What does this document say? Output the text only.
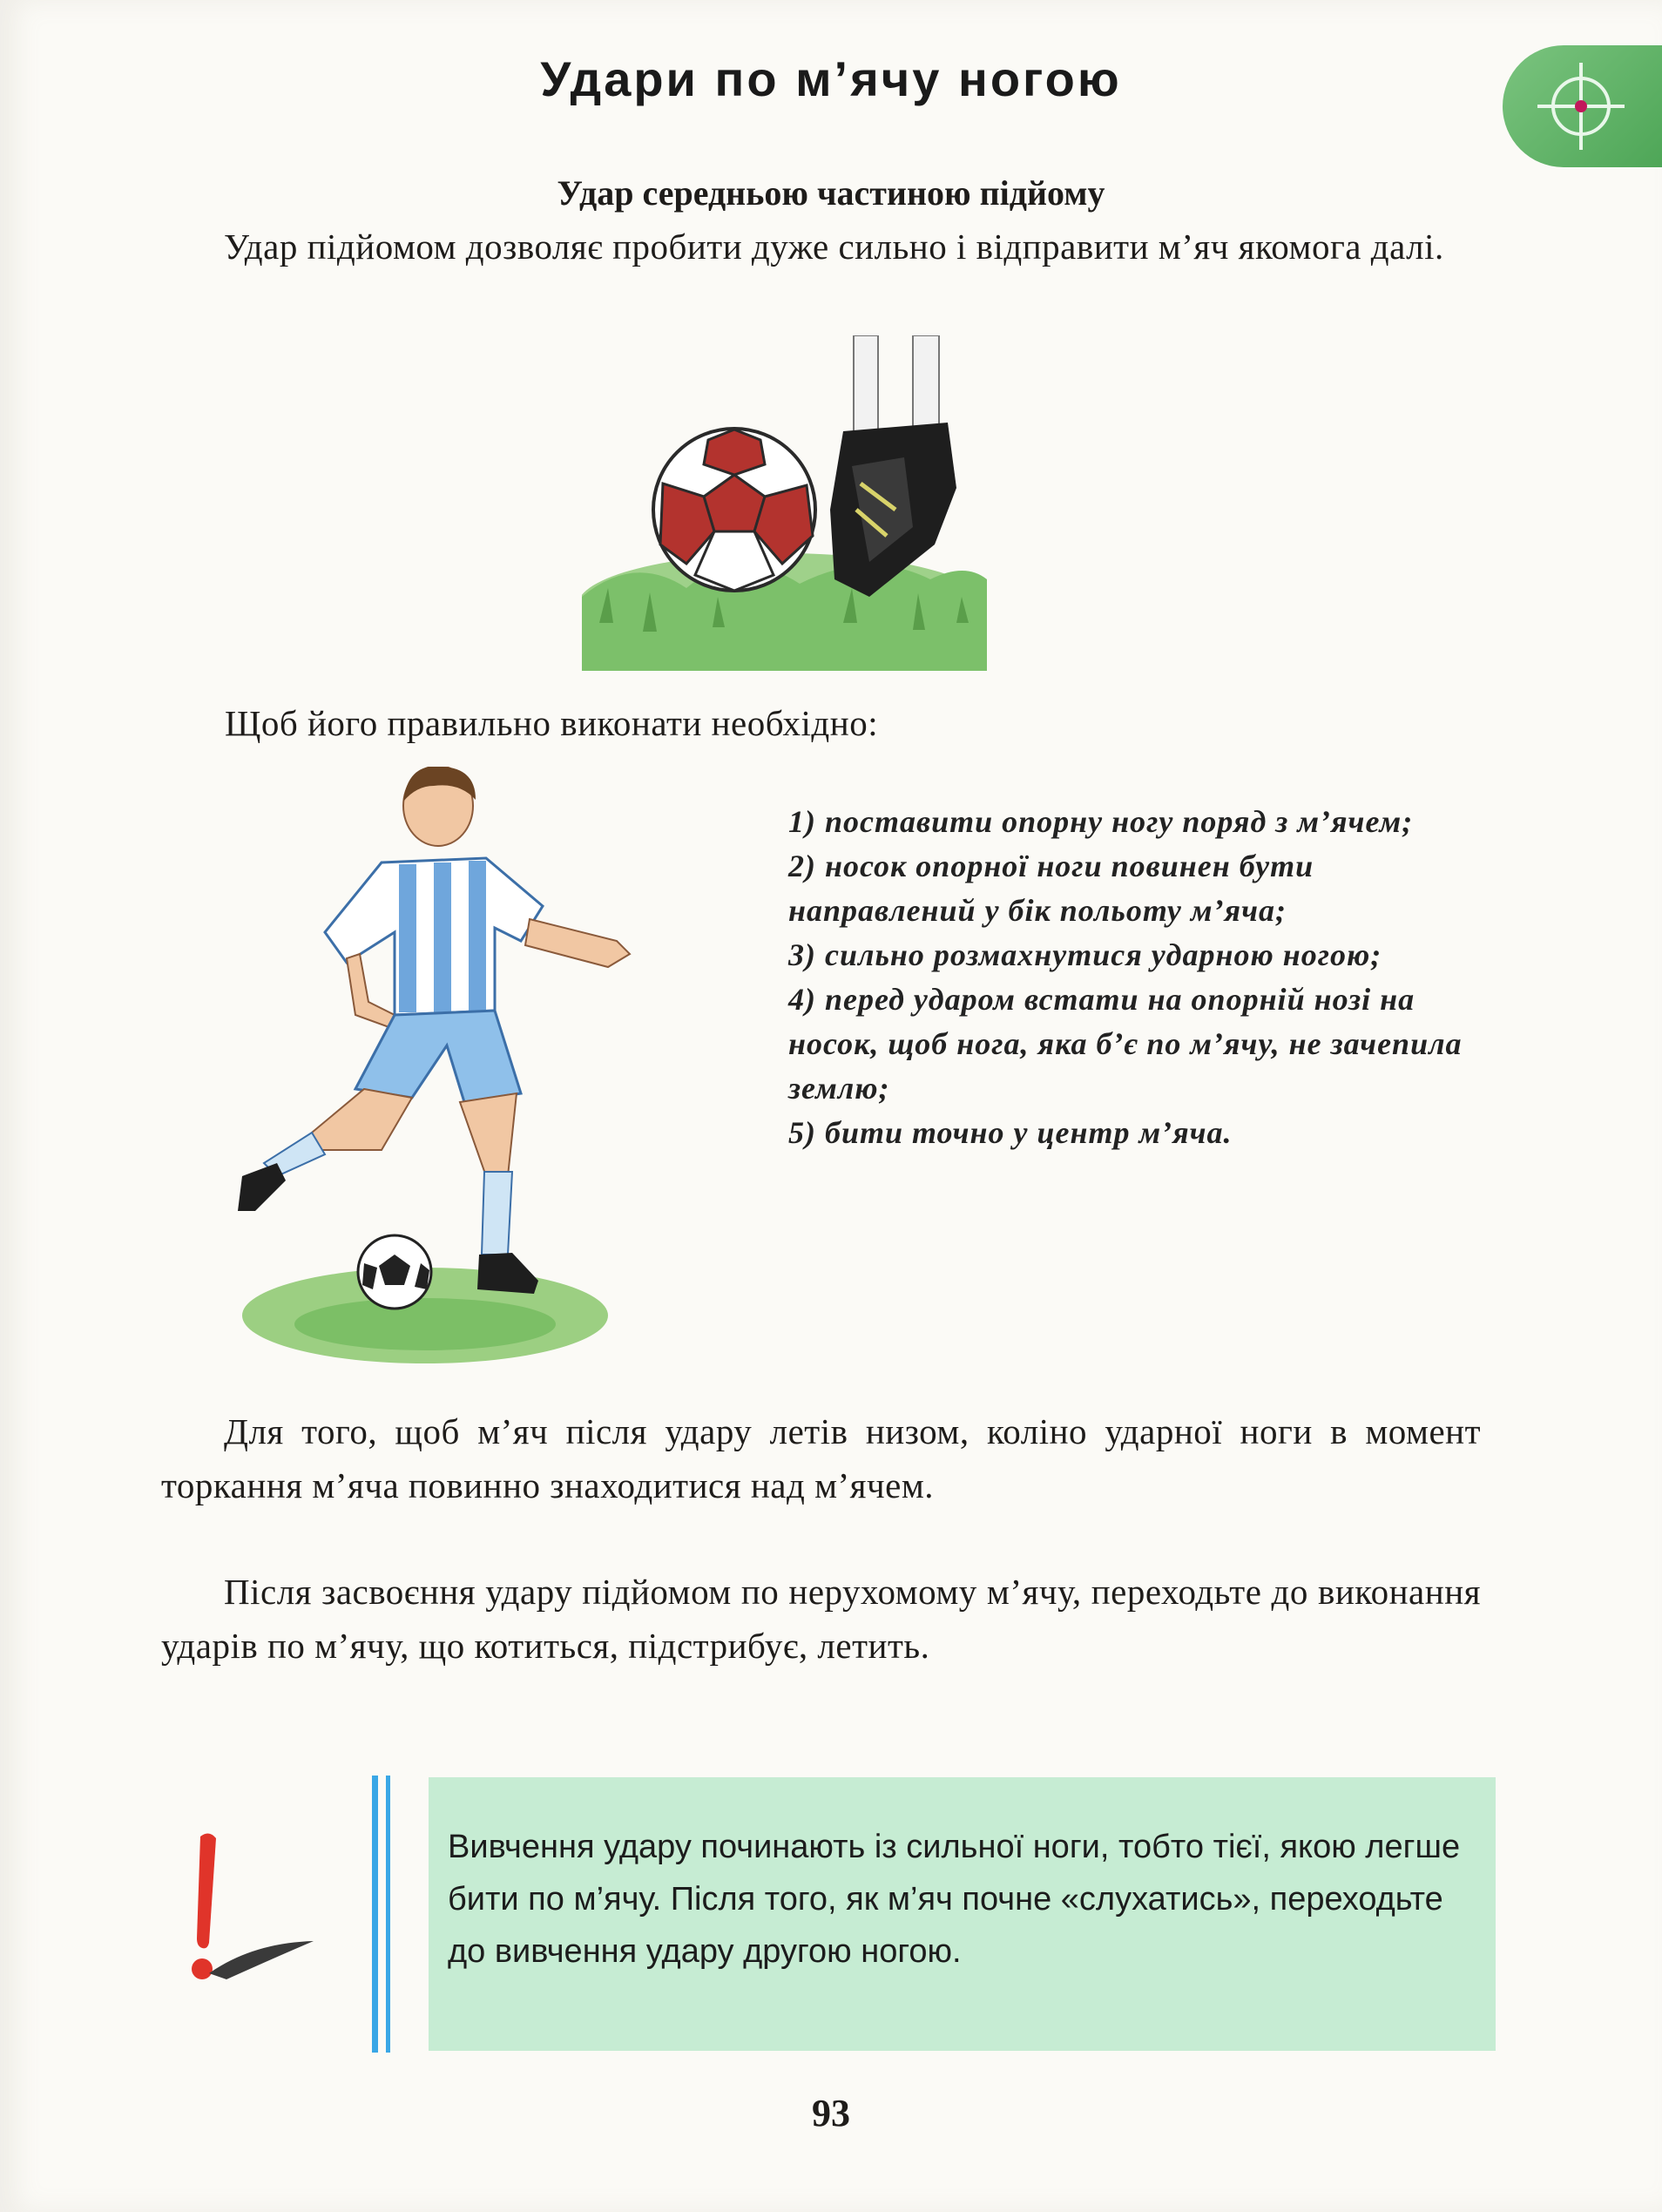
Удари по м’ячу ногою
Удар середньою частиною підйому
Удар підйомом дозволяє пробити дуже сильно і відправити м’яч якомога далі.
Щоб його правильно виконати необхідно:
1) поставити опорну ногу поряд з м’ячем;
2) носок опорної ноги повинен бути направлений у бік польоту м’яча;
3) сильно розмахнутися ударною ногою;
4) перед ударом встати на опорній нозі на носок, щоб нога, яка б’є по м’ячу, не зачепила землю;
5) бити точно у центр м’яча.
Для того, щоб м’яч після удару летів низом, коліно ударної ноги в момент торкання м’яча повинно знаходитися над м’ячем.
Після засвоєння удару підйомом по нерухомому м’ячу, переходьте до виконання ударів по м’ячу, що котиться, підстрибує, летить.
Вивчення удару починають із сильної ноги, тобто тієї, якою легше бити по м’ячу. Після того, як м’яч почне «слухатись», переходьте до вивчення удару другою ногою.
93
